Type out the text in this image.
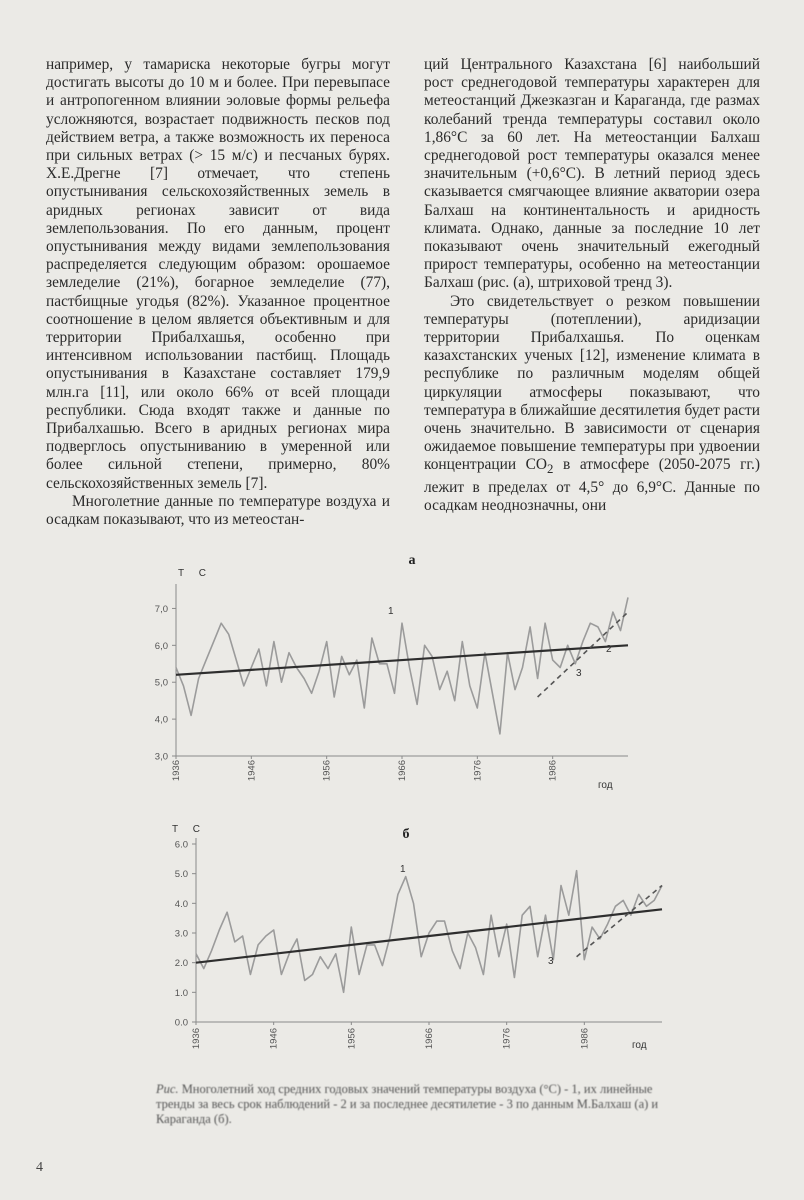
например, у тамариска некоторые бугры могут достигать высоты до 10 м и более. При перевыпасе и антропогенном влиянии эоловые формы рельефа усложняются, возрастает подвижность песков под действием ветра, а также возможность их переноса при сильных ветрах (> 15 м/с) и песчаных бурях. Х.Е.Дрегне [7] отмечает, что степень опустынивания сельскохозяйственных земель в аридных регионах зависит от вида землепользования. По его данным, процент опустынивания между видами землепользования распределяется следующим образом: орошаемое земледелие (21%), богарное земледелие (77), пастбищные угодья (82%). Указанное процентное соотношение в целом является объективным и для территории Прибалхашья, особенно при интенсивном использовании пастбищ. Площадь опустынивания в Казахстане составляет 179,9 млн.га [11], или около 66% от всей площади республики. Сюда входят также и данные по Прибалхашью. Всего в аридных регионах мира подверглось опустыниванию в умеренной или более сильной степени, примерно, 80% сельскохозяйственных земель [7].

Многолетние данные по температуре воздуха и осадкам показывают, что из метеостан-

ций Центрального Казахстана [6] наибольший рост среднегодовой температуры характерен для метеостанций Джезказган и Караганда, где размах колебаний тренда температуры составил около 1,86°С за 60 лет. На метеостанции Балхаш среднегодовой рост температуры оказался менее значительным (+0,6°С). В летний период здесь сказывается смягчающее влияние акватории озера Балхаш на континентальность и аридность климата. Однако, данные за последние 10 лет показывают очень значительный ежегодный прирост температуры, особенно на метеостанции Балхаш (рис. (а), штриховой тренд 3).

Это свидетельствует о резком повышении температуры (потеплении), аридизации территории Прибалхашья. По оценкам казахстанских ученых [12], изменение климата в республике по различным моделям общей циркуляции атмосферы показывают, что температура в ближайшие десятилетия будет расти очень значительно. В зависимости от сценария ожидаемое повышение температуры при удвоении концентрации $CO_2$ в атмосфере (2050-2075 гг.) лежит в пределах от 4,5° до 6,9°С. Данные по осадкам неоднозначны, они

3,0
4,0
5,0
6,0
7,0
1936	1946	1956	1966	1976	1986
T C
год
а
1
2
3
0.0
1.0
2.0
3.0
4.0
5.0
6.0
1936	1946	1956	1966	1976	1986
T C
год
б
1
3
Рис. Многолетний ход средних годовых значений температуры воздуха (°С) - 1, их линейные тренды за весь срок наблюдений - 2 и за последнее десятилетие - 3 по данным М.Балхаш (а) и Караганда (б).
4
